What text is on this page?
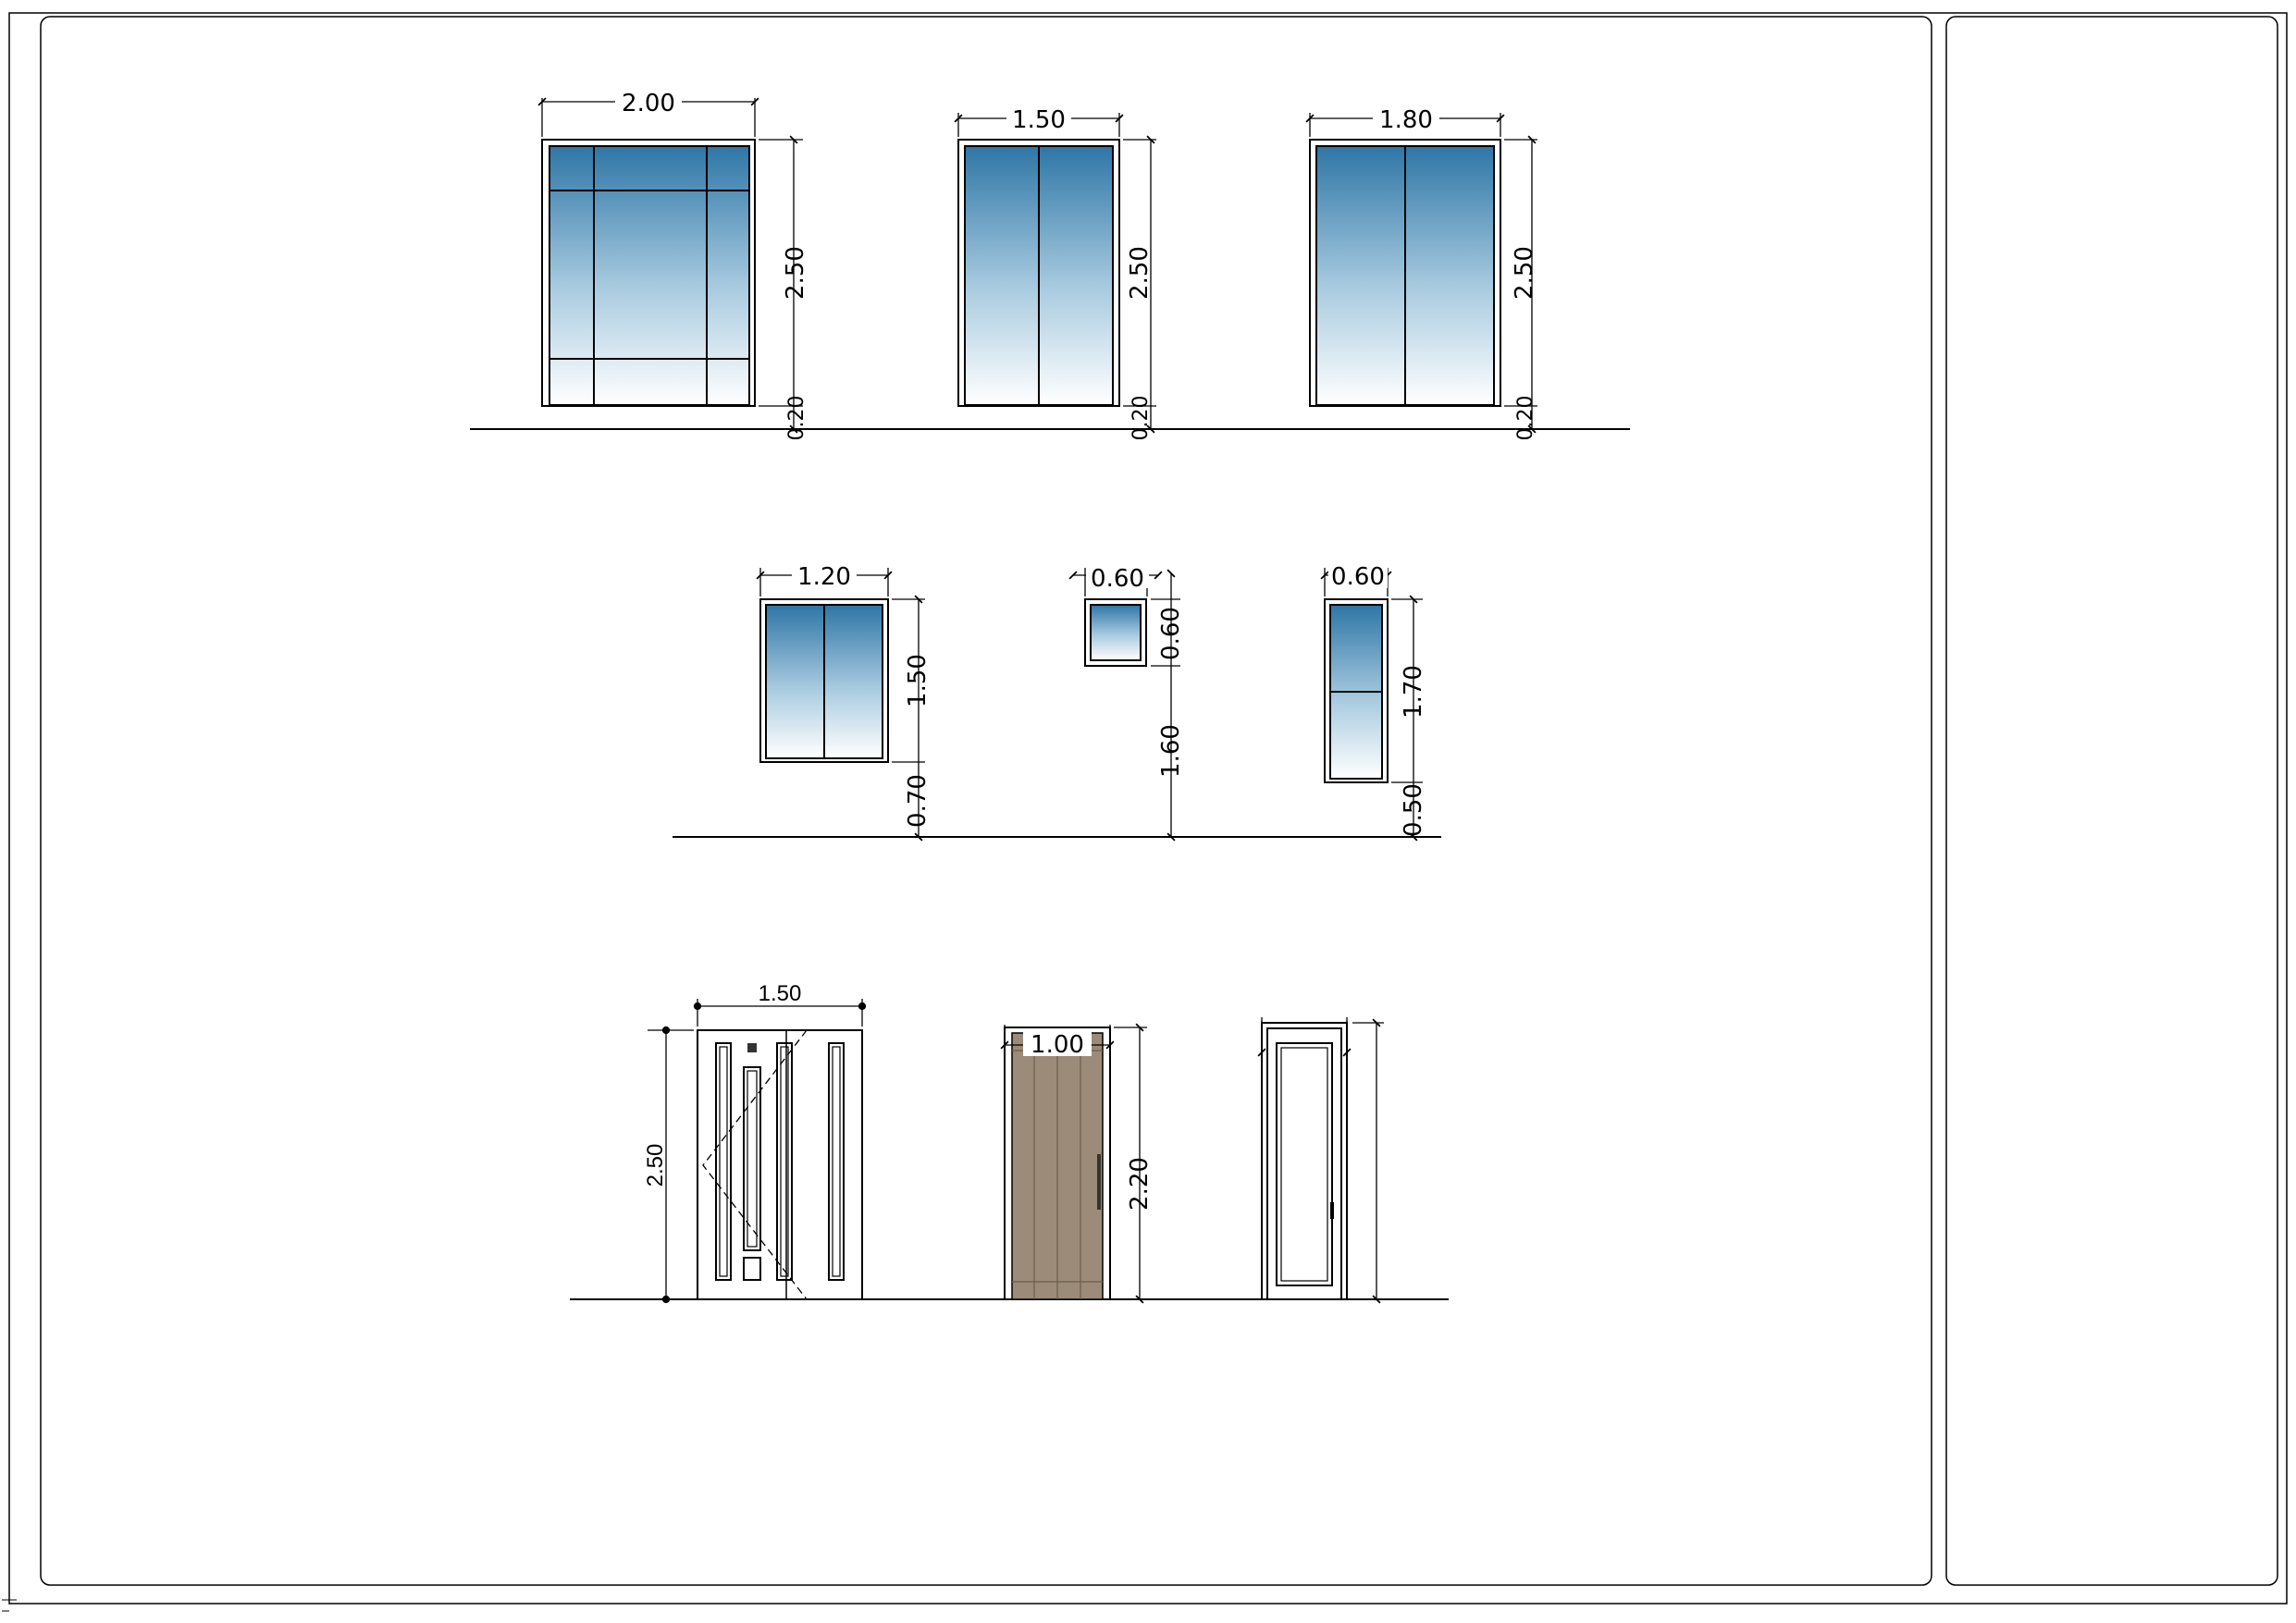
2.00
2.50
0.20
1.50
2.50
0.20
1.80
2.50
0.20
1.20
1.50
0.70
0.60
0.60
1.60
0.60
1.70
0.50
1.50
2.50
1.00
2.20
